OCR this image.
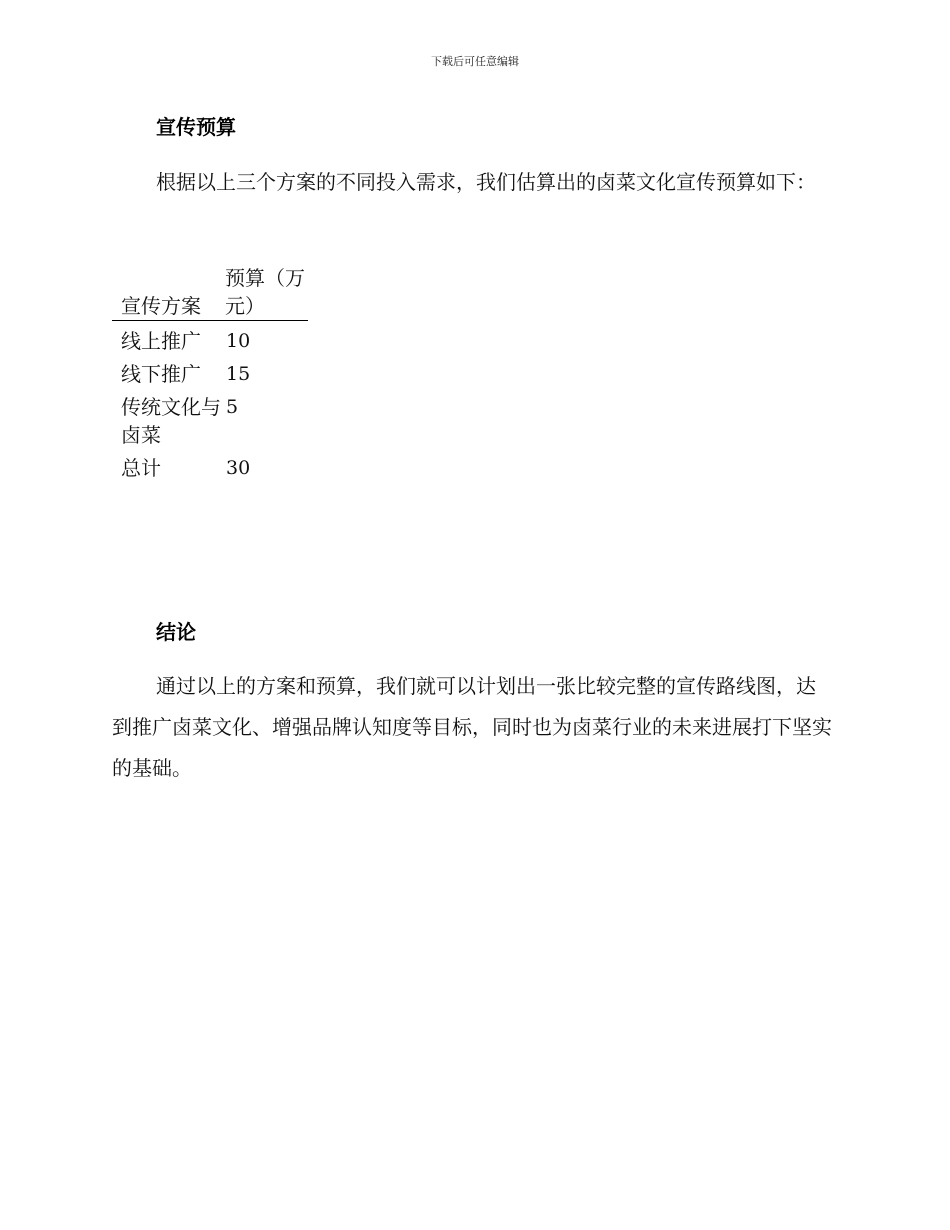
下载后可任意编辑
宣传预算
根据以上三个方案的不同投入需求，我们估算出的卤菜文化宣传预算如下：
宣传方案	预算（万元）
线上推广	10
线下推广	15
传统文化与卤菜	5
总计	30
结论
通过以上的方案和预算，我们就可以计划出一张比较完整的宣传路线图，达到推广卤菜文化、增强品牌认知度等目标，同时也为卤菜行业的未来进展打下坚实的基础。
